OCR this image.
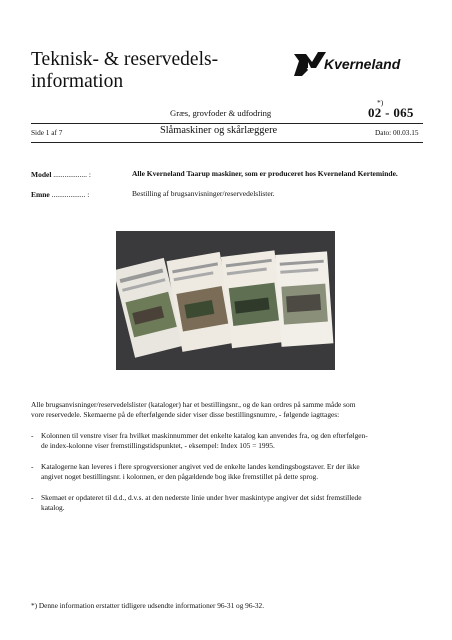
Teknisk- & reservedels-
information
Kverneland
Græs, grovfoder & udfodring
*)
02 - 065
Side 1 af 7	Slåmaskiner og skårlæggere	Dato: 00.03.15
Model .................. :	Alle Kverneland Taarup maskiner, som er produceret hos Kverneland Kerteminde.
Emne .................. :	Bestilling af brugsanvisninger/reservedelslister.
Alle brugsanvisninger/reservedelslister (kataloger) har et bestillingsnr., og de kan ordres på samme måde som
vore reservedele. Skemaerne på de efterfølgende sider viser disse bestillingsnumre, - følgende iagttages:
- Kolonnen til venstre viser fra hvilket maskinnummer det enkelte katalog kan anvendes fra, og den efterfølgen-
de index-kolonne viser fremstillingstidspunktet, - eksempel: Index 105 = 1995.
- Katalogerne kan leveres i flere sprogversioner angivet ved de enkelte landes kendingsbogstaver. Er der ikke
angivet noget bestillingsnr. i kolonnen, er den pågældende bog ikke fremstillet på dette sprog.
- Skemaet er opdateret til d.d., d.v.s. at den nederste linie under hver maskintype angiver det sidst fremstillede
katalog.
*) Denne information erstatter tidligere udsendte informationer 96-31 og 96-32.
